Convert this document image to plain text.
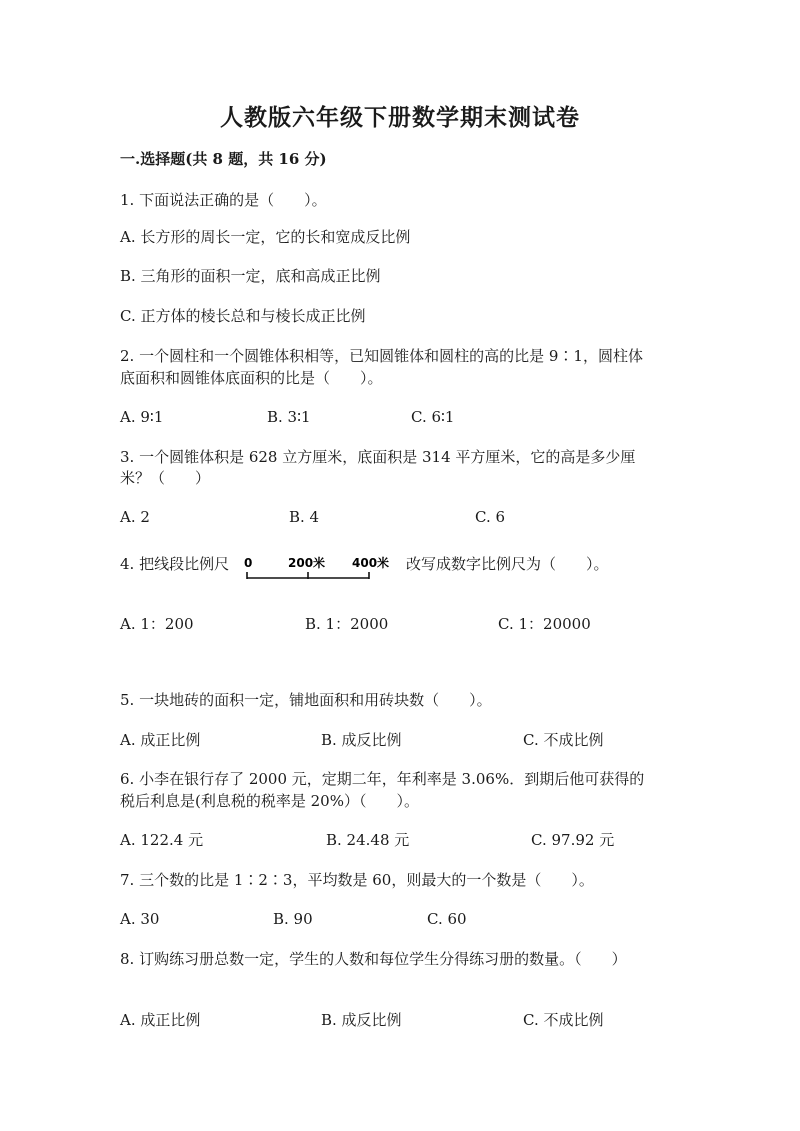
人教版六年级下册数学期末测试卷
一.选择题(共 8 题，共 16 分)
1. 下面说法正确的是（　　）。
A. 长方形的周长一定，它的长和宽成反比例
B. 三角形的面积一定，底和高成正比例
C. 正方体的棱长总和与棱长成正比例
2. 一个圆柱和一个圆锥体积相等，已知圆锥体和圆柱的高的比是 9∶1，圆柱体
底面积和圆锥体底面积的比是（　　）。
A. 9∶1	B. 3∶1	C. 6∶1
3. 一个圆锥体积是 628 立方厘米，底面积是 314 平方厘米，它的高是多少厘
米？（　　）
A. 2	B. 4	C. 6
4. 把线段比例尺 0	200米 400米 改写成数字比例尺为（　　）。
A. 1：200	B. 1：2000	C. 1：20000
5. 一块地砖的面积一定，铺地面积和用砖块数（　　）。
A. 成正比例	B. 成反比例	C. 不成比例
6. 小李在银行存了 2000 元，定期二年，年利率是 3.06%．到期后他可获得的
税后利息是(利息税的税率是 20%）（　　）。
A. 122.4 元	B. 24.48 元	C. 97.92 元
7. 三个数的比是 1∶2∶3，平均数是 60，则最大的一个数是（　　）。
A. 30	B. 90	C. 60
8. 订购练习册总数一定，学生的人数和每位学生分得练习册的数量。（　　）
A. 成正比例	B. 成反比例	C. 不成比例
